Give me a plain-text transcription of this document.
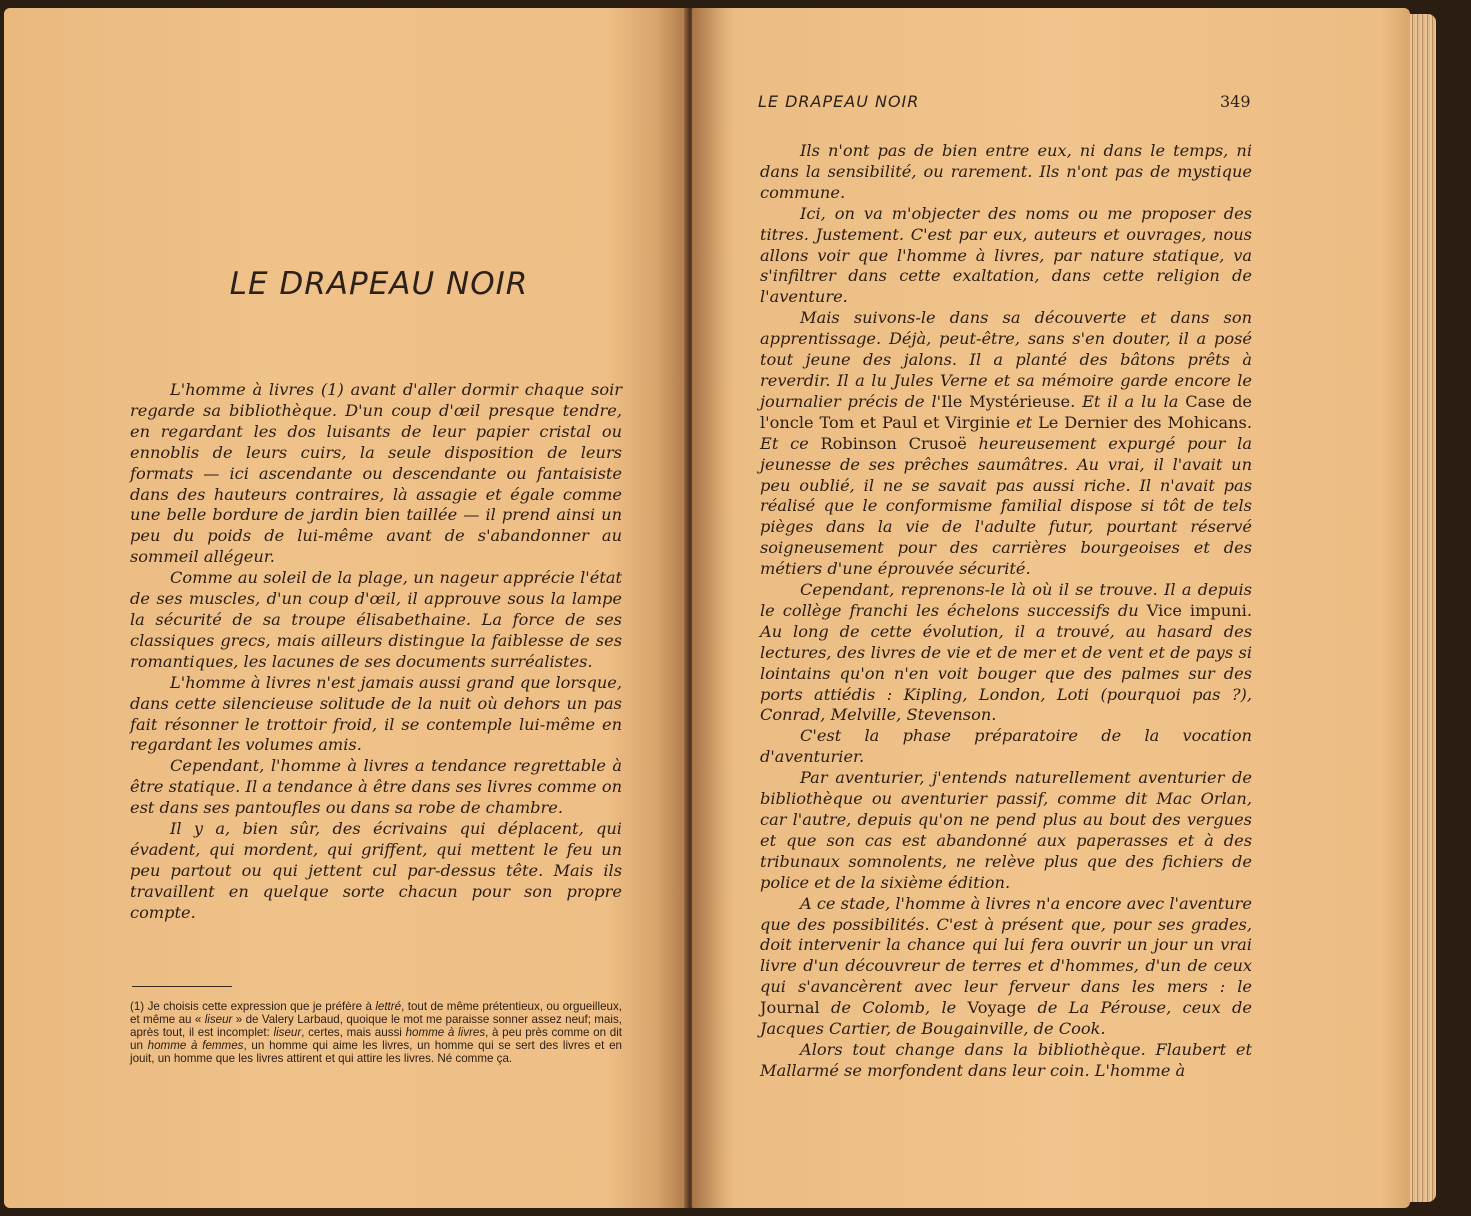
LE DRAPEAU NOIR

L'homme à livres (1) avant d'aller dormir chaque soir regarde sa bibliothèque. D'un coup d'œil presque tendre, en regardant les dos luisants de leur papier cristal ou ennoblis de leurs cuirs, la seule disposition de leurs formats — ici ascendante ou descendante ou fantaisiste dans des hauteurs contraires, là assagie et égale comme une belle bordure de jardin bien taillée — il prend ainsi un peu du poids de lui-même avant de s'abandonner au sommeil allégeur.

Comme au soleil de la plage, un nageur apprécie l'état de ses muscles, d'un coup d'œil, il approuve sous la lampe la sécurité de sa troupe élisabethaine. La force de ses classiques grecs, mais ailleurs distingue la faiblesse de ses romantiques, les lacunes de ses documents surréalistes.

L'homme à livres n'est jamais aussi grand que lorsque, dans cette silencieuse solitude de la nuit où dehors un pas fait résonner le trottoir froid, il se contemple lui-même en regardant les volumes amis.

Cependant, l'homme à livres a tendance regrettable à être statique. Il a tendance à être dans ses livres comme on est dans ses pantoufles ou dans sa robe de chambre.

Il y a, bien sûr, des écrivains qui déplacent, qui évadent, qui mordent, qui griffent, qui mettent le feu un peu partout ou qui jettent cul par-dessus tête. Mais ils travaillent en quelque sorte chacun pour son propre compte.

(1) Je choisis cette expression que je préfère à lettré, tout de même prétentieux, ou orgueilleux, et même au « liseur » de Valery Larbaud, quoique le mot me paraisse sonner assez neuf; mais, après tout, il est incomplet: liseur, certes, mais aussi homme à livres, à peu près comme on dit un homme à femmes, un homme qui aime les livres, un homme qui se sert des livres et en jouit, un homme que les livres attirent et qui attire les livres. Né comme ça.

LE DRAPEAU NOIR	349

Ils n'ont pas de bien entre eux, ni dans le temps, ni dans la sensibilité, ou rarement. Ils n'ont pas de mystique commune.

Ici, on va m'objecter des noms ou me proposer des titres. Justement. C'est par eux, auteurs et ouvrages, nous allons voir que l'homme à livres, par nature statique, va s'infiltrer dans cette exaltation, dans cette religion de l'aventure.

Mais suivons-le dans sa découverte et dans son apprentissage. Déjà, peut-être, sans s'en douter, il a posé tout jeune des jalons. Il a planté des bâtons prêts à reverdir. Il a lu Jules Verne et sa mémoire garde encore le journalier précis de l'Ile Mystérieuse. Et il a lu la Case de l'oncle Tom et Paul et Virginie et Le Dernier des Mohicans. Et ce Robinson Crusoë heureusement expurgé pour la jeunesse de ses prêches saumâtres. Au vrai, il l'avait un peu oublié, il ne se savait pas aussi riche. Il n'avait pas réalisé que le conformisme familial dispose si tôt de tels pièges dans la vie de l'adulte futur, pourtant réservé soigneusement pour des carrières bourgeoises et des métiers d'une éprouvée sécurité.

Cependant, reprenons-le là où il se trouve. Il a depuis le collège franchi les échelons successifs du Vice impuni. Au long de cette évolution, il a trouvé, au hasard des lectures, des livres de vie et de mer et de vent et de pays si lointains qu'on n'en voit bouger que des palmes sur des ports attiédis : Kipling, London, Loti (pourquoi pas ?), Conrad, Melville, Stevenson.

C'est la phase préparatoire de la vocation d'aventurier.

Par aventurier, j'entends naturellement aventurier de bibliothèque ou aventurier passif, comme dit Mac Orlan, car l'autre, depuis qu'on ne pend plus au bout des vergues et que son cas est abandonné aux paperasses et à des tribunaux somnolents, ne relève plus que des fichiers de police et de la sixième édition.

A ce stade, l'homme à livres n'a encore avec l'aventure que des possibilités. C'est à présent que, pour ses grades, doit intervenir la chance qui lui fera ouvrir un jour un vrai livre d'un découvreur de terres et d'hommes, d'un de ceux qui s'avancèrent avec leur ferveur dans les mers : le Journal de Colomb, le Voyage de La Pérouse, ceux de Jacques Cartier, de Bougainville, de Cook.

Alors tout change dans la bibliothèque. Flaubert et Mallarmé se morfondent dans leur coin. L'homme à
